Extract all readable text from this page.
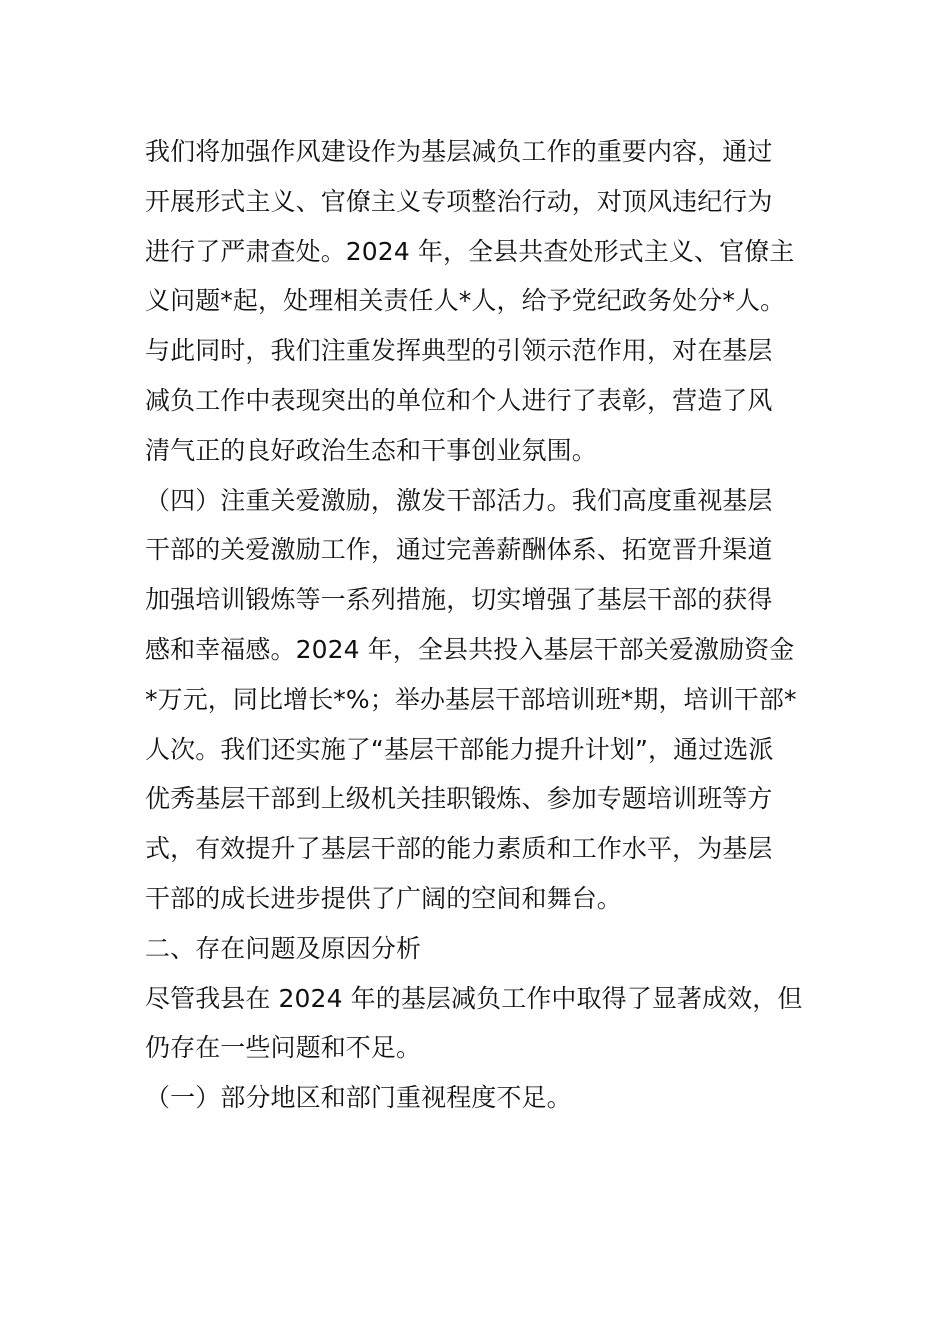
我们将加强作风建设作为基层减负工作的重要内容，通过
开展形式主义、官僚主义专项整治行动，对顶风违纪行为
进行了严肃查处。2024 年，全县共查处形式主义、官僚主
义问题*起，处理相关责任人*人，给予党纪政务处分*人。
与此同时，我们注重发挥典型的引领示范作用，对在基层
减负工作中表现突出的单位和个人进行了表彰，营造了风
清气正的良好政治生态和干事创业氛围。
（四）注重关爱激励，激发干部活力。我们高度重视基层
干部的关爱激励工作，通过完善薪酬体系、拓宽晋升渠道
加强培训锻炼等一系列措施，切实增强了基层干部的获得
感和幸福感。2024 年，全县共投入基层干部关爱激励资金
*万元，同比增长*%；举办基层干部培训班*期，培训干部*
人次。我们还实施了“基层干部能力提升计划”，通过选派
优秀基层干部到上级机关挂职锻炼、参加专题培训班等方
式，有效提升了基层干部的能力素质和工作水平，为基层
干部的成长进步提供了广阔的空间和舞台。
二、存在问题及原因分析
尽管我县在 2024 年的基层减负工作中取得了显著成效，但
仍存在一些问题和不足。
（一）部分地区和部门重视程度不足。
